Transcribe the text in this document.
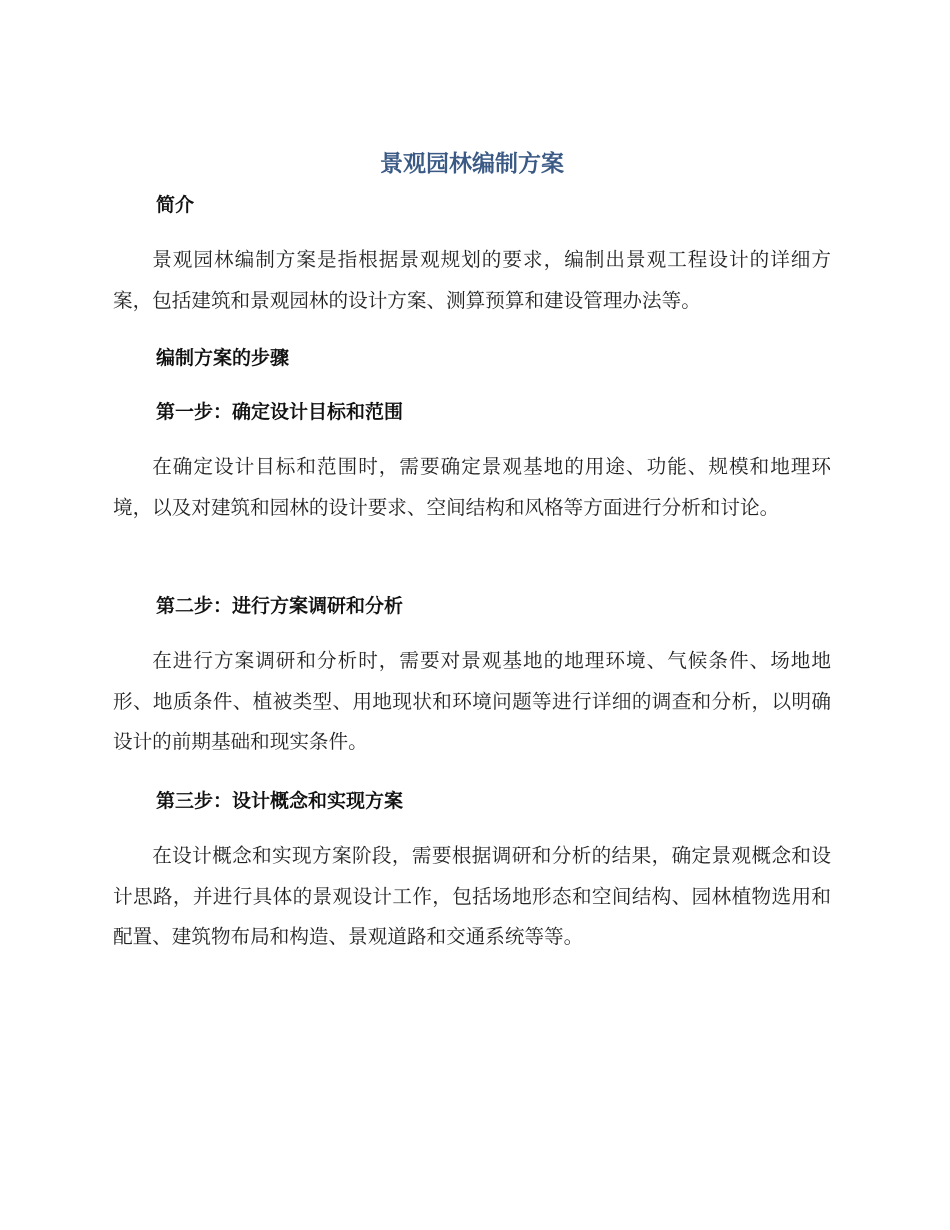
景观园林编制方案
简介

景观园林编制方案是指根据景观规划的要求，编制出景观工程设计的详细方案，包括建筑和景观园林的设计方案、测算预算和建设管理办法等。

编制方案的步骤
第一步：确定设计目标和范围

在确定设计目标和范围时，需要确定景观基地的用途、功能、规模和地理环境，以及对建筑和园林的设计要求、空间结构和风格等方面进行分析和讨论。

第二步：进行方案调研和分析

在进行方案调研和分析时，需要对景观基地的地理环境、气候条件、场地地形、地质条件、植被类型、用地现状和环境问题等进行详细的调查和分析，以明确设计的前期基础和现实条件。

第三步：设计概念和实现方案

在设计概念和实现方案阶段，需要根据调研和分析的结果，确定景观概念和设计思路，并进行具体的景观设计工作，包括场地形态和空间结构、园林植物选用和配置、建筑物布局和构造、景观道路和交通系统等等。
